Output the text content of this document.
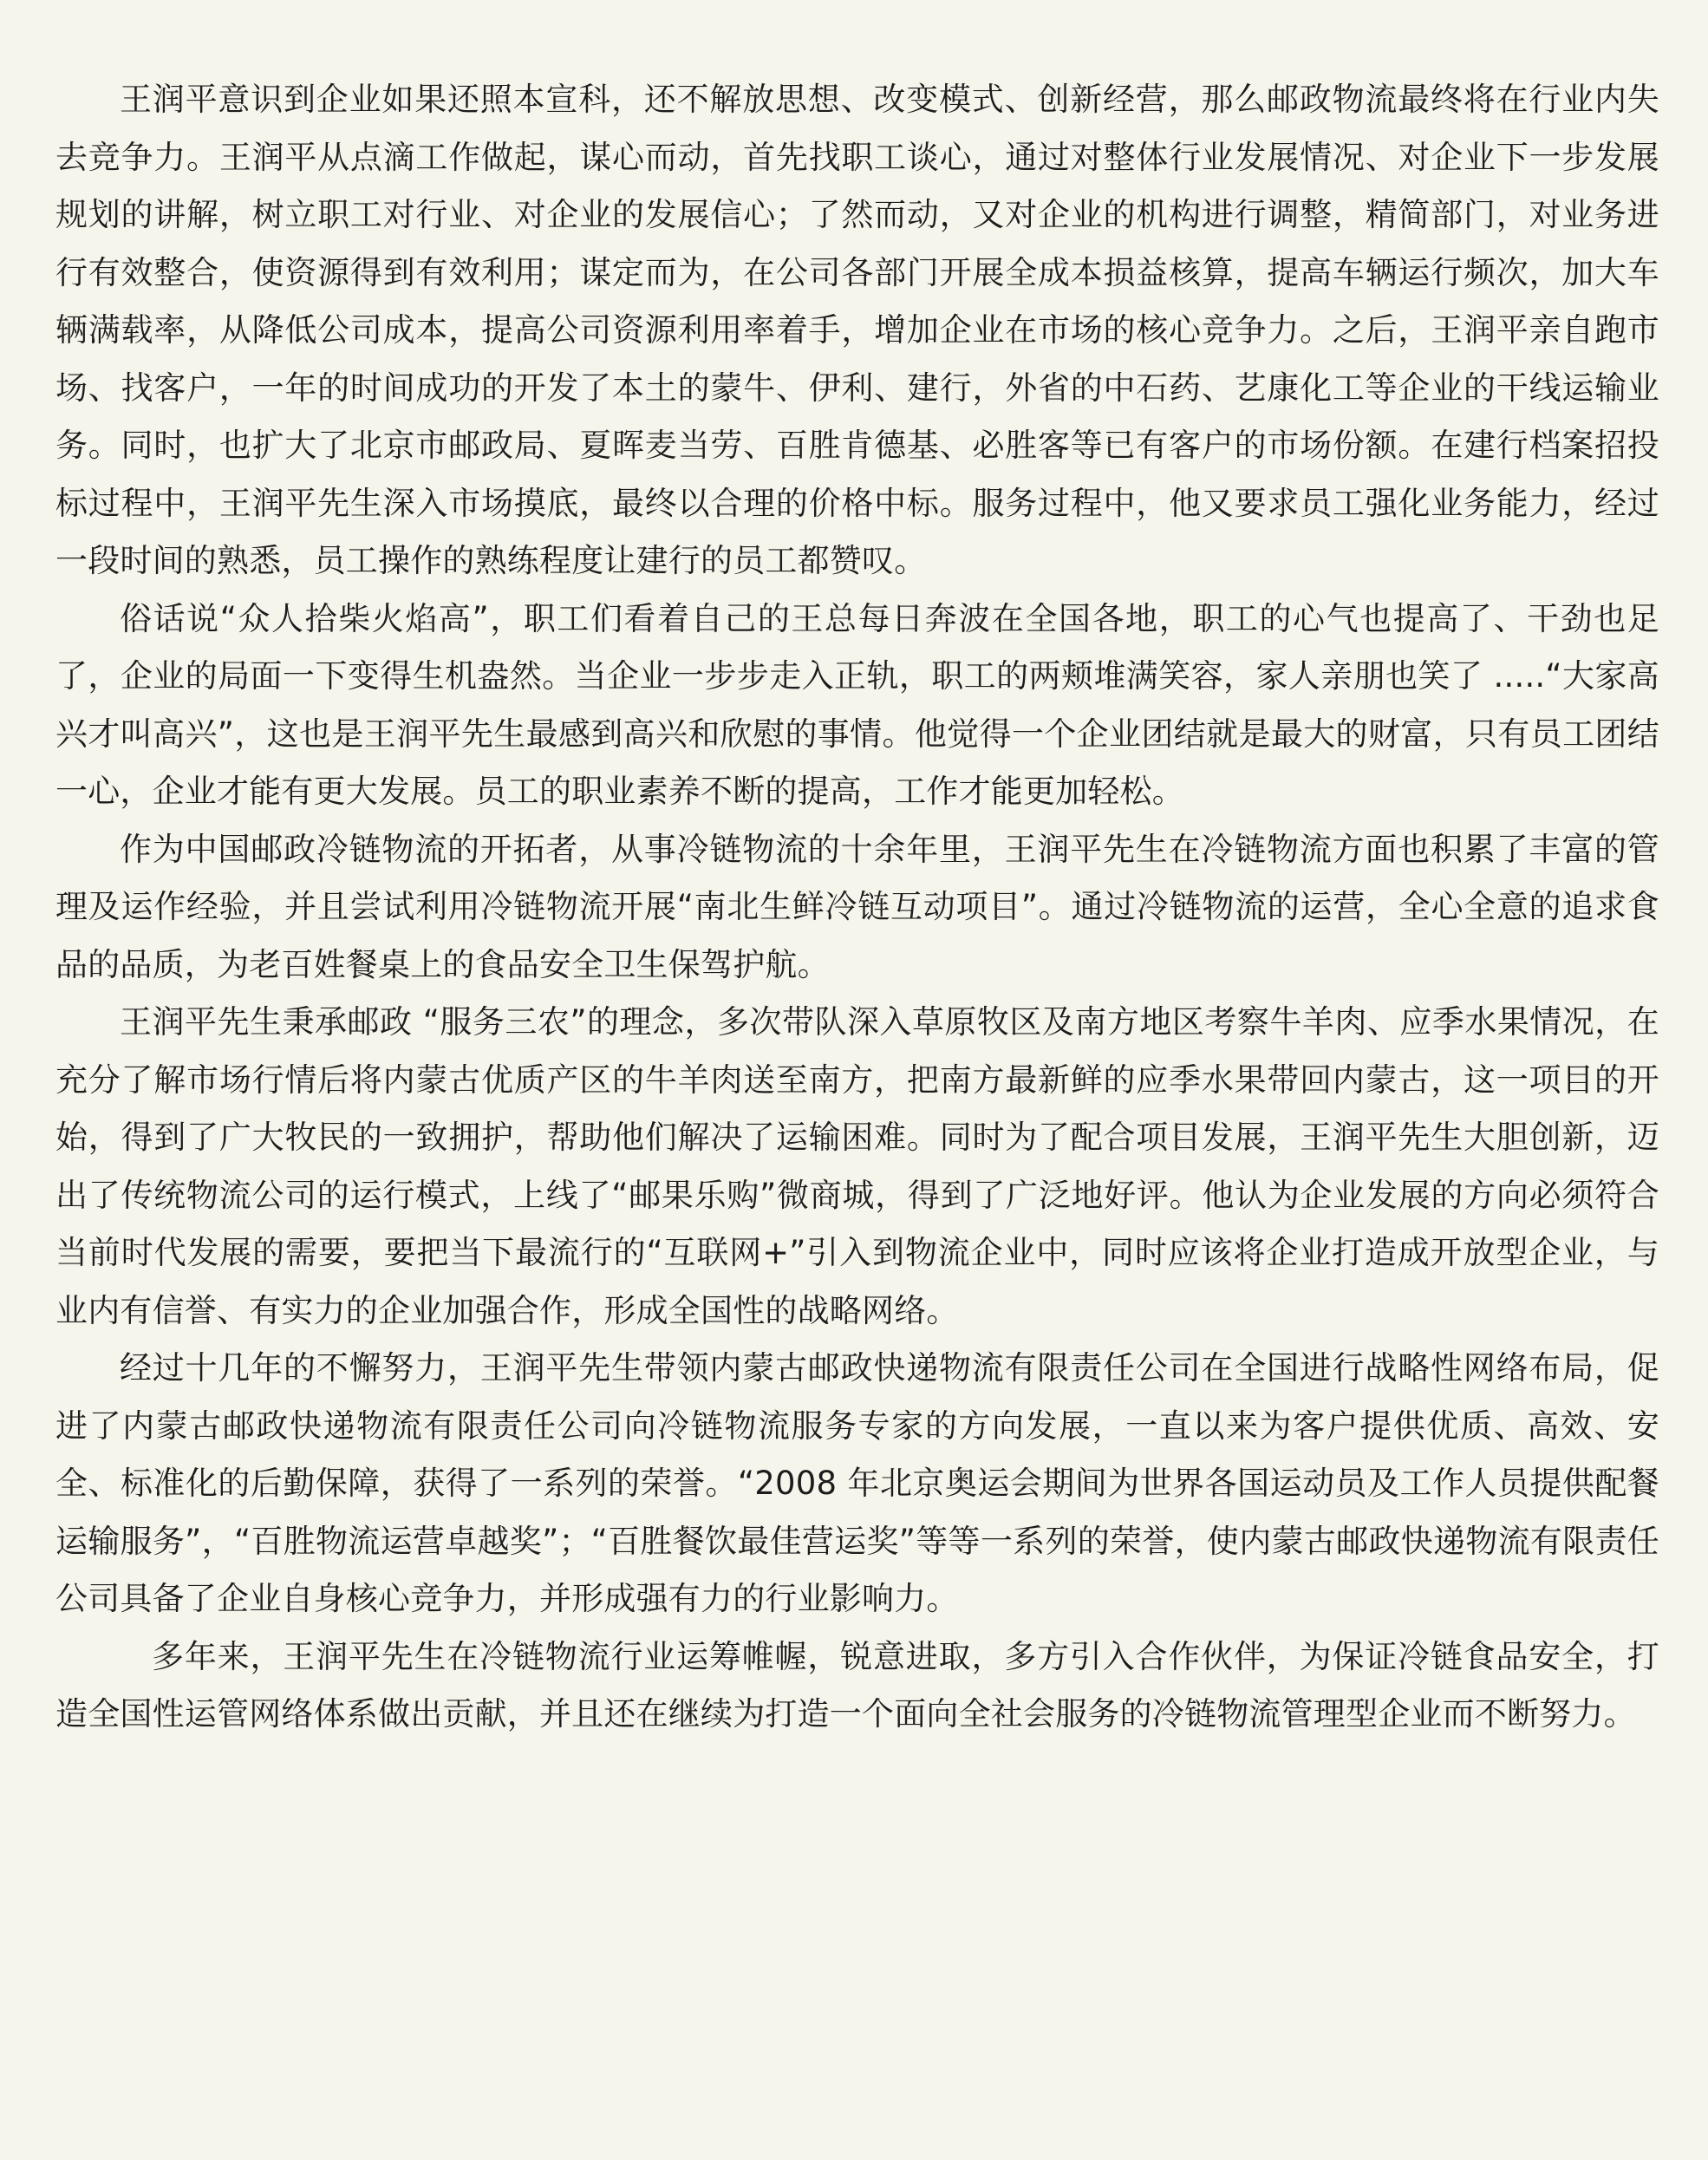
王润平意识到企业如果还照本宣科，还不解放思想、改变模式、创新经营，那么邮政物流最终将在行业内失去竞争力。王润平从点滴工作做起，谋心而动，首先找职工谈心，通过对整体行业发展情况、对企业下一步发展规划的讲解，树立职工对行业、对企业的发展信心；了然而动，又对企业的机构进行调整，精简部门，对业务进行有效整合，使资源得到有效利用；谋定而为，在公司各部门开展全成本损益核算，提高车辆运行频次，加大车辆满载率，从降低公司成本，提高公司资源利用率着手，增加企业在市场的核心竞争力。之后，王润平亲自跑市场、找客户，一年的时间成功的开发了本土的蒙牛、伊利、建行，外省的中石药、艺康化工等企业的干线运输业务。同时，也扩大了北京市邮政局、夏晖麦当劳、百胜肯德基、必胜客等已有客户的市场份额。在建行档案招投标过程中，王润平先生深入市场摸底，最终以合理的价格中标。服务过程中，他又要求员工强化业务能力，经过一段时间的熟悉，员工操作的熟练程度让建行的员工都赞叹。

俗话说“众人拾柴火焰高”，职工们看着自己的王总每日奔波在全国各地，职工的心气也提高了、干劲也足了，企业的局面一下变得生机盎然。当企业一步步走入正轨，职工的两颊堆满笑容，家人亲朋也笑了 .....“大家高兴才叫高兴”，这也是王润平先生最感到高兴和欣慰的事情。他觉得一个企业团结就是最大的财富，只有员工团结一心，企业才能有更大发展。员工的职业素养不断的提高，工作才能更加轻松。

作为中国邮政冷链物流的开拓者，从事冷链物流的十余年里，王润平先生在冷链物流方面也积累了丰富的管理及运作经验，并且尝试利用冷链物流开展“南北生鲜冷链互动项目”。通过冷链物流的运营，全心全意的追求食品的品质，为老百姓餐桌上的食品安全卫生保驾护航。

王润平先生秉承邮政 “服务三农”的理念，多次带队深入草原牧区及南方地区考察牛羊肉、应季水果情况，在充分了解市场行情后将内蒙古优质产区的牛羊肉送至南方，把南方最新鲜的应季水果带回内蒙古，这一项目的开始，得到了广大牧民的一致拥护，帮助他们解决了运输困难。同时为了配合项目发展，王润平先生大胆创新，迈出了传统物流公司的运行模式，上线了“邮果乐购”微商城，得到了广泛地好评。他认为企业发展的方向必须符合当前时代发展的需要，要把当下最流行的“互联网+”引入到物流企业中，同时应该将企业打造成开放型企业，与业内有信誉、有实力的企业加强合作，形成全国性的战略网络。

经过十几年的不懈努力，王润平先生带领内蒙古邮政快递物流有限责任公司在全国进行战略性网络布局，促进了内蒙古邮政快递物流有限责任公司向冷链物流服务专家的方向发展，一直以来为客户提供优质、高效、安全、标准化的后勤保障，获得了一系列的荣誉。“2008 年北京奥运会期间为世界各国运动员及工作人员提供配餐运输服务”，“百胜物流运营卓越奖”；“百胜餐饮最佳营运奖”等等一系列的荣誉，使内蒙古邮政快递物流有限责任公司具备了企业自身核心竞争力，并形成强有力的行业影响力。

多年来，王润平先生在冷链物流行业运筹帷幄，锐意进取，多方引入合作伙伴，为保证冷链食品安全，打造全国性运管网络体系做出贡献，并且还在继续为打造一个面向全社会服务的冷链物流管理型企业而不断努力。
